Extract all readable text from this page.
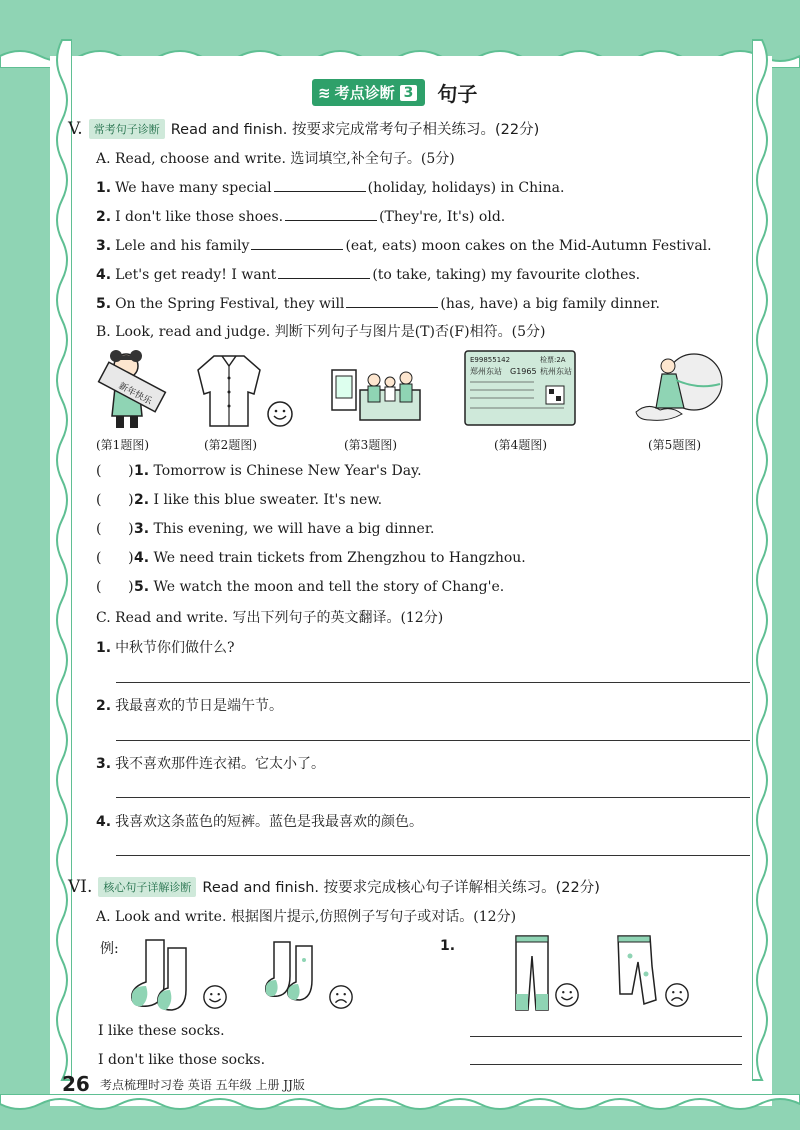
≋ 考点诊断 3 句子
V.	常考句子诊断 Read and finish. 按要求完成常考句子相关练习。(22分)
A. Read, choose and write. 选词填空,补全句子。(5分)
1. We have many special	(holiday, holidays) in China.
2. I don't like those shoes.	(They're, It's) old.
3. Lele and his family	(eat, eats) moon cakes on the Mid-Autumn Festival.
4. Let's get ready! I want	(to take, taking) my favourite clothes.
5. On the Spring Festival, they will	(has, have) a big family dinner.
B. Look, read and judge. 判断下列句子与图片是(T)否(F)相符。(5分)
新年快乐
E99855142	检票:2A
郑州东站 G1965 杭州东站
(第1题图)	(第2题图)	(第3题图)	(第4题图)	(第5题图)
(      )1. Tomorrow is Chinese New Year's Day.
(      )2. I like this blue sweater. It's new.
(      )3. This evening, we will have a big dinner.
(      )4. We need train tickets from Zhengzhou to Hangzhou.
(      )5. We watch the moon and tell the story of Chang'e.
C. Read and write. 写出下列句子的英文翻译。(12分)
1. 中秋节你们做什么?
2. 我最喜欢的节日是端午节。
3. 我不喜欢那件连衣裙。它太小了。
4. 我喜欢这条蓝色的短裤。蓝色是我最喜欢的颜色。
VI.	核心句子详解诊断 Read and finish. 按要求完成核心句子详解相关练习。(22分)
A. Look and write. 根据图片提示,仿照例子写句子或对话。(12分)
例:	1.
I like these socks.
I don't like those socks.
26 考点梳理时习卷 英语 五年级 上册 JJ版
